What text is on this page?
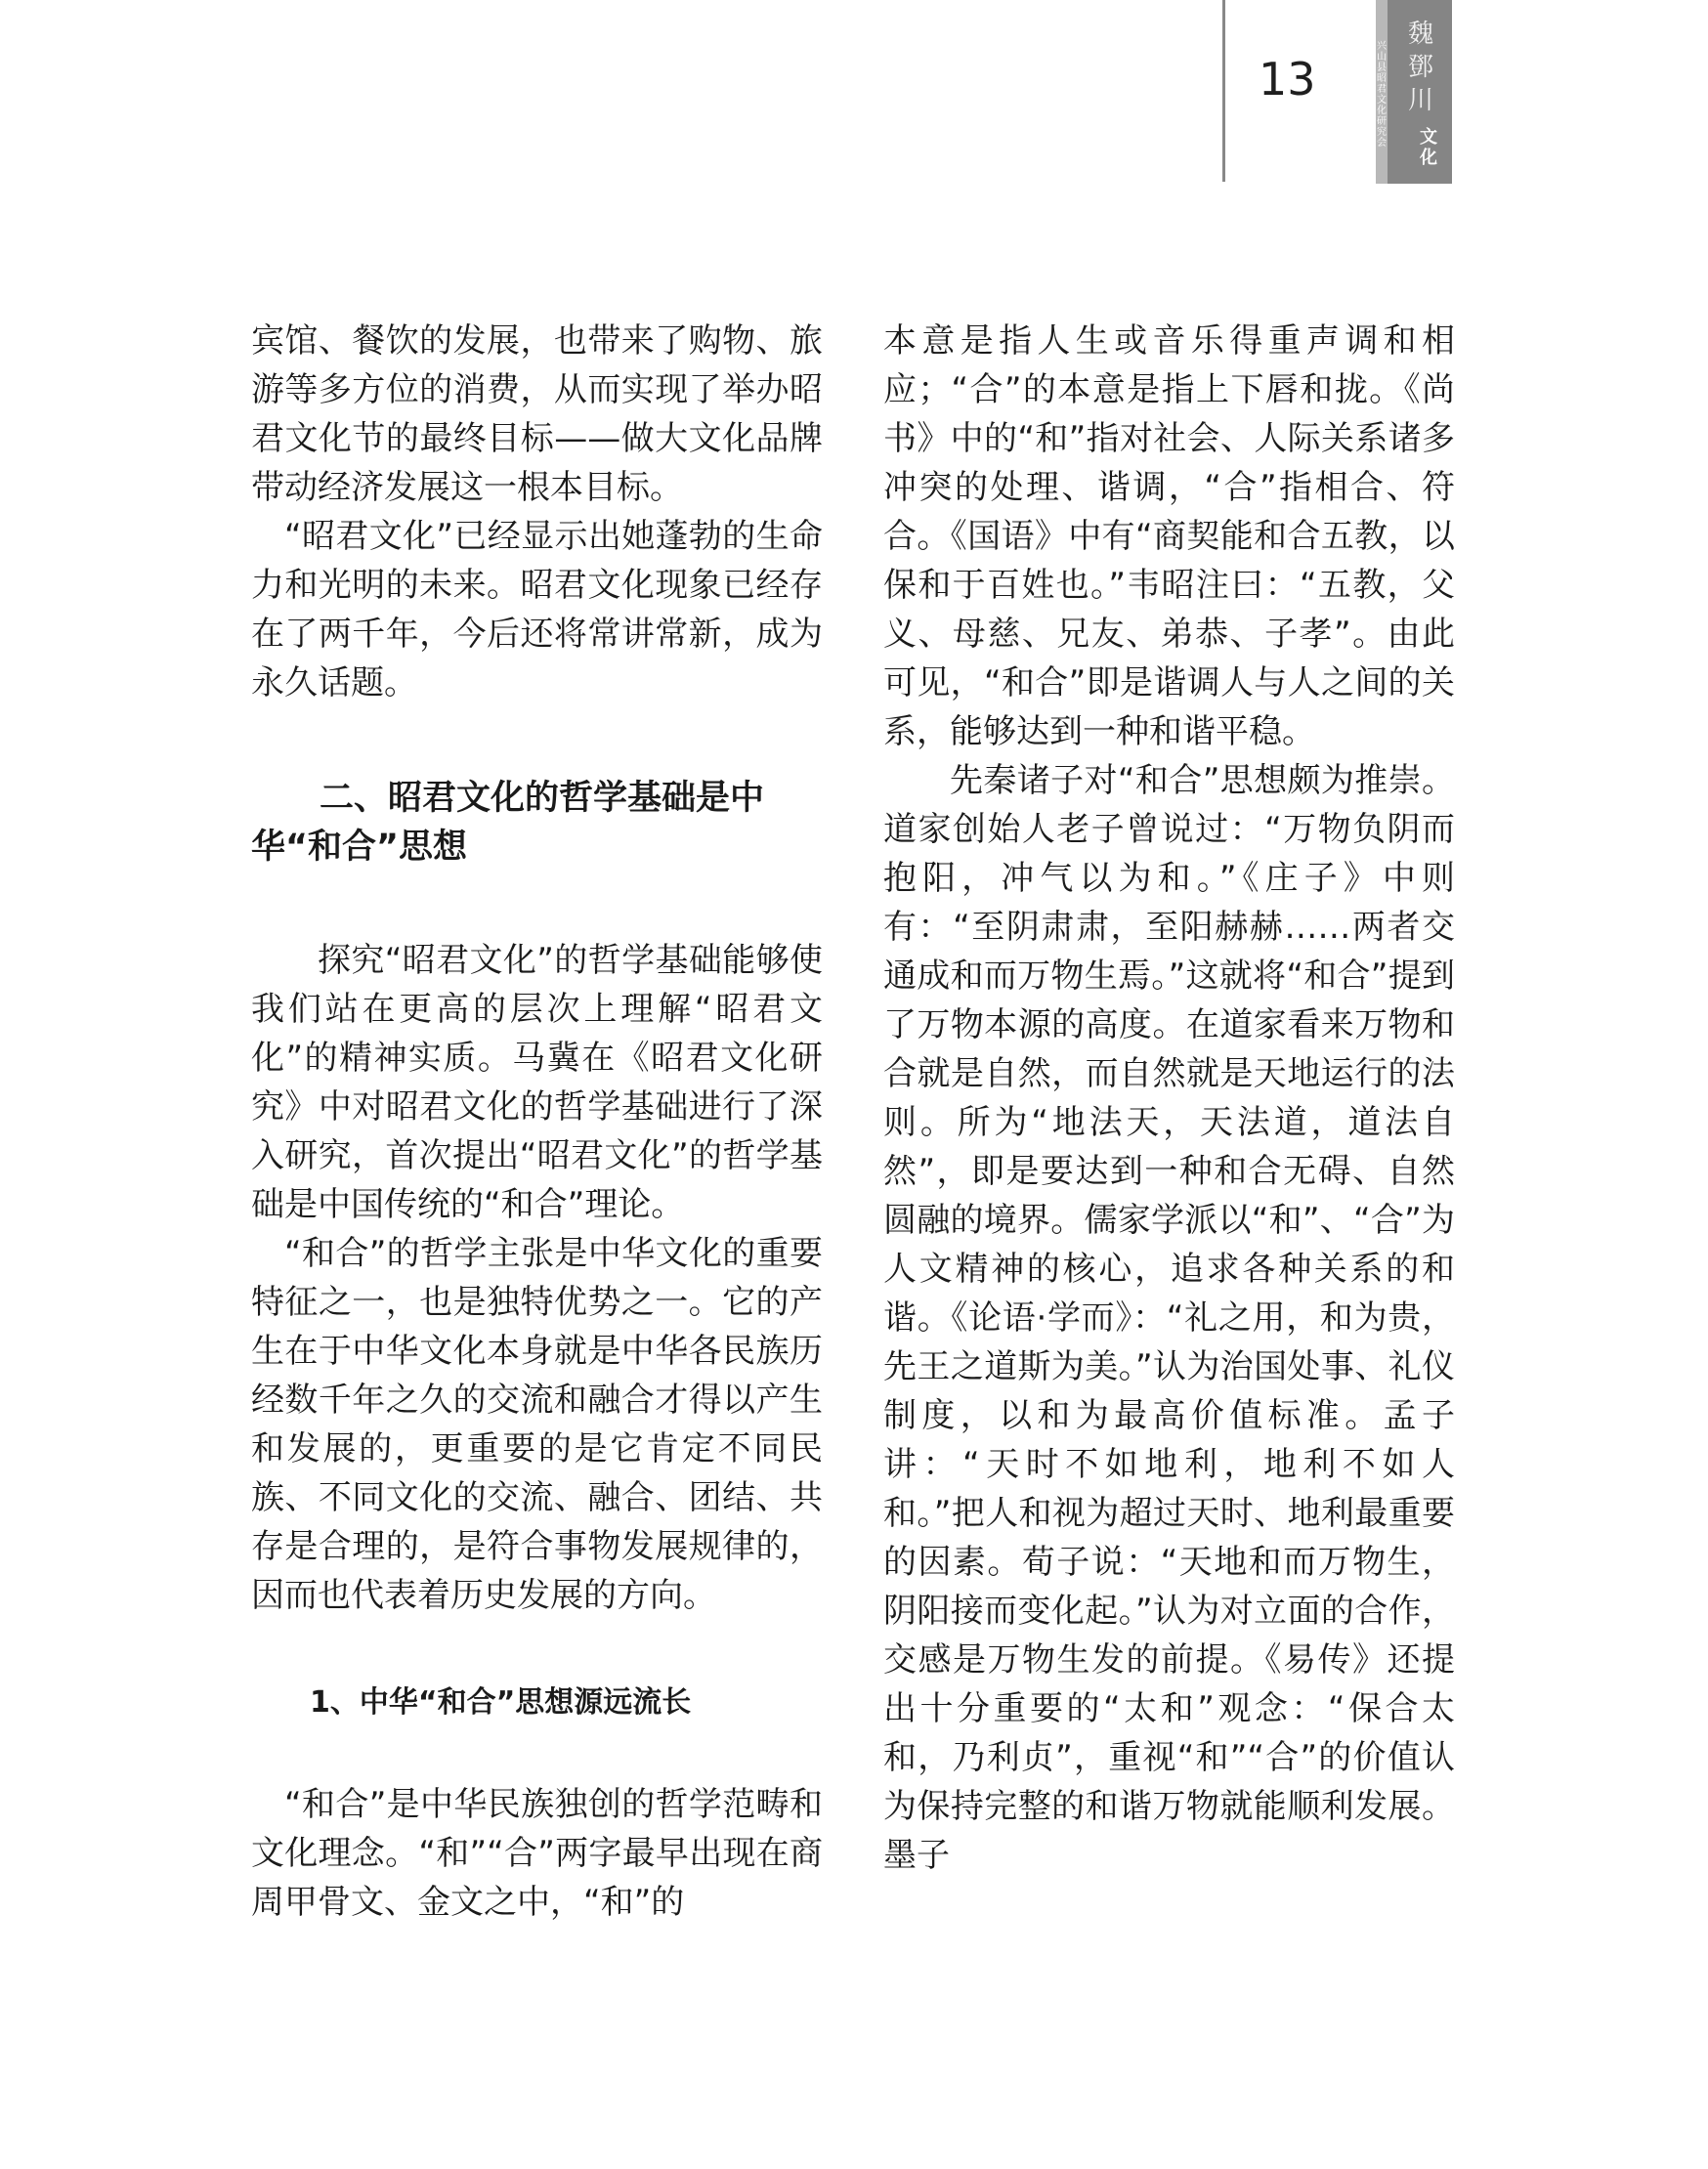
13
魏鄧川
文化
兴山县昭君文化研究会

宾馆、餐饮的发展，也带来了购物、旅游等多方位的消费，从而实现了举办昭君文化节的最终目标——做大文化品牌带动经济发展这一根本目标。

“昭君文化”已经显示出她蓬勃的生命力和光明的未来。昭君文化现象已经存在了两千年，今后还将常讲常新，成为永久话题。

二、昭君文化的哲学基础是中华“和合”思想

探究“昭君文化”的哲学基础能够使我们站在更高的层次上理解“昭君文化”的精神实质。马冀在《昭君文化研究》中对昭君文化的哲学基础进行了深入研究，首次提出“昭君文化”的哲学基础是中国传统的“和合”理论。

“和合”的哲学主张是中华文化的重要特征之一，也是独特优势之一。它的产生在于中华文化本身就是中华各民族历经数千年之久的交流和融合才得以产生和发展的，更重要的是它肯定不同民族、不同文化的交流、融合、团结、共存是合理的，是符合事物发展规律的，因而也代表着历史发展的方向。

1、中华“和合”思想源远流长

“和合”是中华民族独创的哲学范畴和文化理念。“和”“合”两字最早出现在商周甲骨文、金文之中，“和”的

本意是指人生或音乐得重声调和相应；“合”的本意是指上下唇和拢。《尚书》中的“和”指对社会、人际关系诸多冲突的处理、谐调，“合”指相合、符合。《国语》中有“商契能和合五教，以保和于百姓也。”韦昭注曰：“五教，父义、母慈、兄友、弟恭、子孝”。由此可见，“和合”即是谐调人与人之间的关系，能够达到一种和谐平稳。

先秦诸子对“和合”思想颇为推崇。道家创始人老子曾说过：“万物负阴而抱阳，冲气以为和。”《庄子》中则有：“至阴肃肃，至阳赫赫……两者交通成和而万物生焉。”这就将“和合”提到了万物本源的高度。在道家看来万物和合就是自然，而自然就是天地运行的法则。所为“地法天，天法道，道法自然”，即是要达到一种和合无碍、自然圆融的境界。儒家学派以“和”、“合”为人文精神的核心，追求各种关系的和谐。《论语·学而》：“礼之用，和为贵，先王之道斯为美。”认为治国处事、礼仪制度，以和为最高价值标准。孟子讲：“天时不如地利，地利不如人和。”把人和视为超过天时、地利最重要的因素。荀子说：“天地和而万物生，阴阳接而变化起。”认为对立面的合作，交感是万物生发的前提。《易传》还提出十分重要的“太和”观念：“保合太和，乃利贞”，重视“和”“合”的价值认为保持完整的和谐万物就能顺利发展。墨子
